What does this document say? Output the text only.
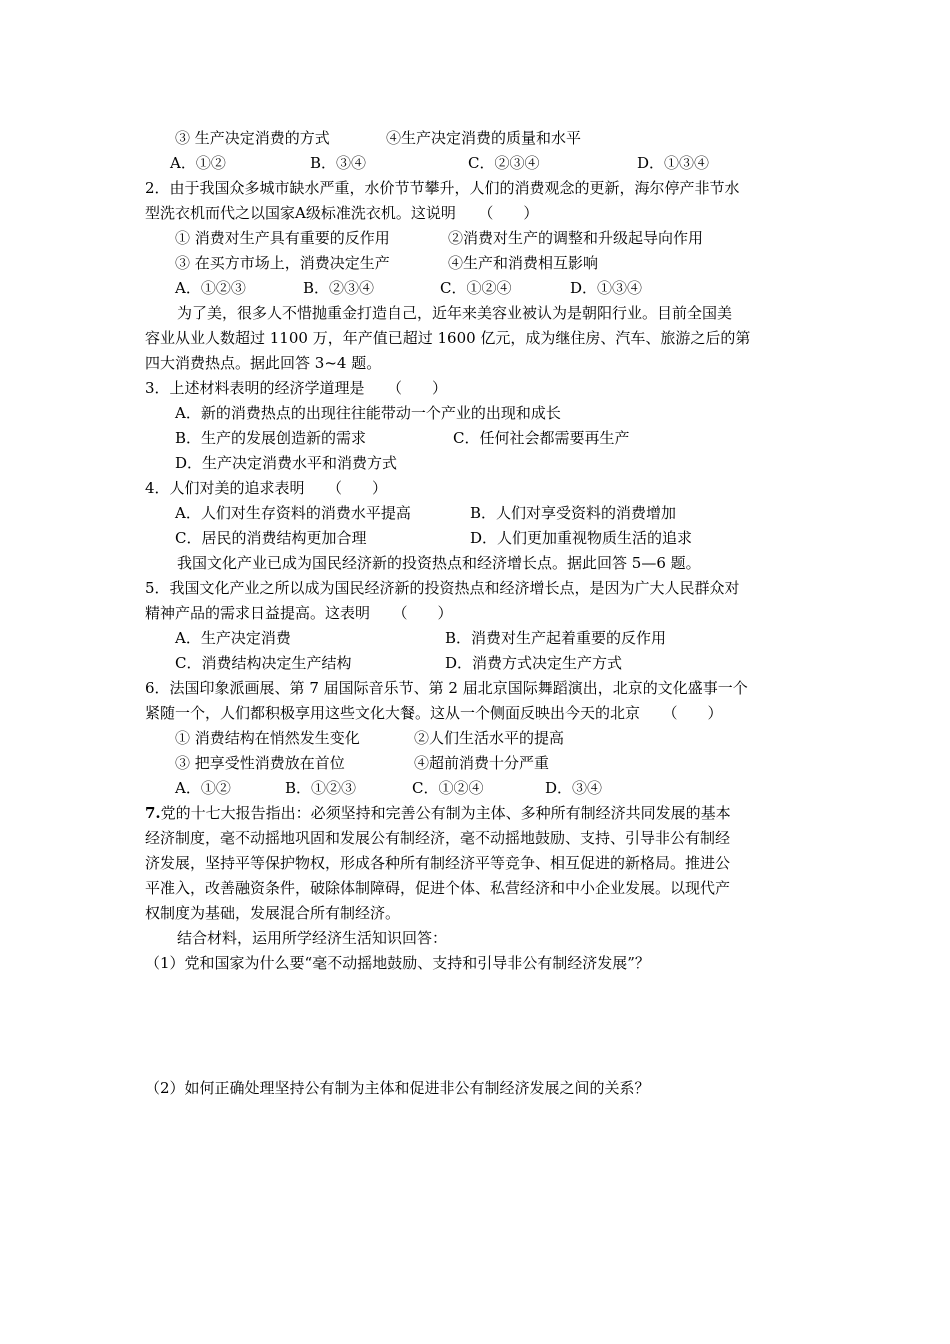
③ 生产决定消费的方式	④生产决定消费的质量和水平
A．①②	B．③④	C．②③④	D．①③④
2．由于我国众多城市缺水严重，水价节节攀升，人们的消费观念的更新，海尔停产非节水
型洗衣机而代之以国家A级标准洗衣机。这说明　　（　　）
① 消费对生产具有重要的反作用	②消费对生产的调整和升级起导向作用
③ 在买方市场上，消费决定生产	④生产和消费相互影响
A．①②③	B．②③④	C．①②④	D．①③④
为了美，很多人不惜抛重金打造自己，近年来美容业被认为是朝阳行业。目前全国美
容业从业人数超过 1100 万，年产值已超过 1600 亿元，成为继住房、汽车、旅游之后的第
四大消费热点。据此回答 3~4 题。
3．上述材料表明的经济学道理是　　（　　）
A．新的消费热点的出现往往能带动一个产业的出现和成长
B．生产的发展创造新的需求	C．任何社会都需要再生产
D．生产决定消费水平和消费方式
4．人们对美的追求表明　　（　　）
A．人们对生存资料的消费水平提高	B．人们对享受资料的消费增加
C．居民的消费结构更加合理	D．人们更加重视物质生活的追求
我国文化产业已成为国民经济新的投资热点和经济增长点。据此回答 5—6 题。
5．我国文化产业之所以成为国民经济新的投资热点和经济增长点，是因为广大人民群众对
精神产品的需求日益提高。这表明　　（　　）
A．生产决定消费	B．消费对生产起着重要的反作用
C．消费结构决定生产结构	D．消费方式决定生产方式
6．法国印象派画展、第 7 届国际音乐节、第 2 届北京国际舞蹈演出，北京的文化盛事一个
紧随一个，人们都积极享用这些文化大餐。这从一个侧面反映出今天的北京　　（　　）
① 消费结构在悄然发生变化	②人们生活水平的提高
③ 把享受性消费放在首位	④超前消费十分严重
A．①②	B．①②③	C．①②④	D．③④
7.党的十七大报告指出：必须坚持和完善公有制为主体、多种所有制经济共同发展的基本
经济制度，毫不动摇地巩固和发展公有制经济，毫不动摇地鼓励、支持、引导非公有制经
济发展，坚持平等保护物权，形成各种所有制经济平等竞争、相互促进的新格局。推进公
平准入，改善融资条件，破除体制障碍，促进个体、私营经济和中小企业发展。以现代产
权制度为基础，发展混合所有制经济。
结合材料，运用所学经济生活知识回答：
（1）党和国家为什么要“毫不动摇地鼓励、支持和引导非公有制经济发展”？
（2）如何正确处理坚持公有制为主体和促进非公有制经济发展之间的关系？
